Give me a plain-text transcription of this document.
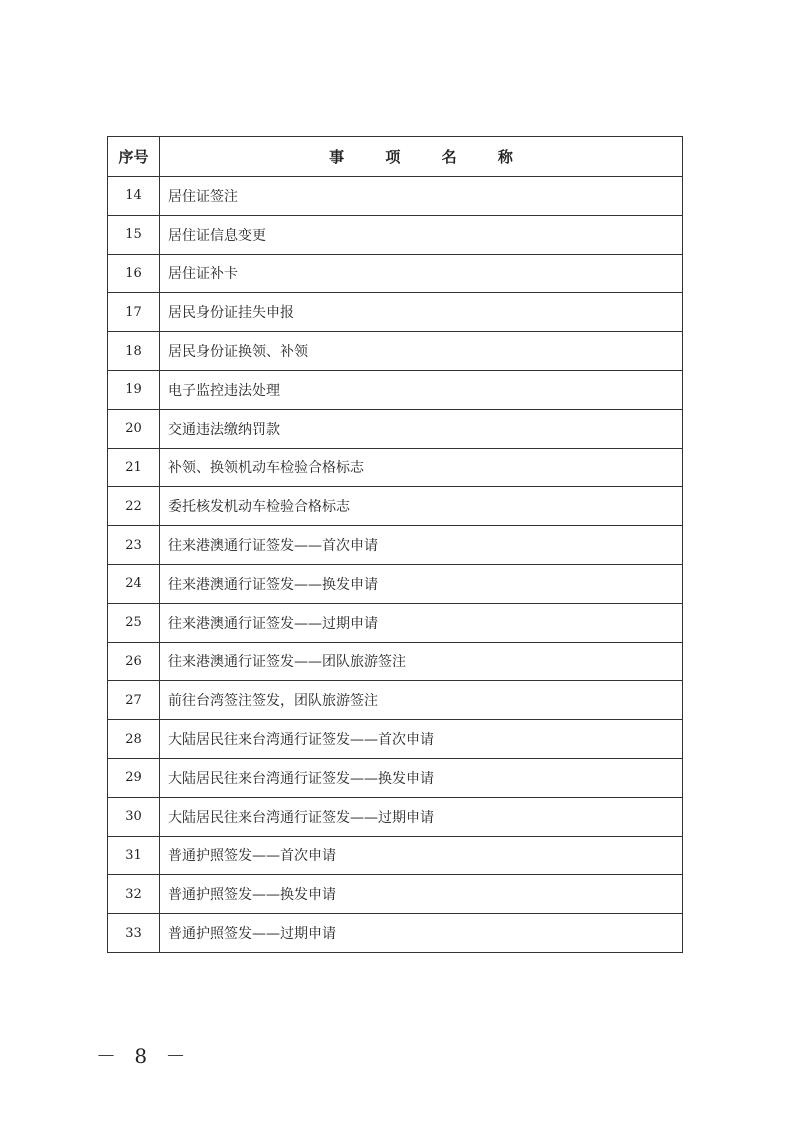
序号	事 项 名 称
14	居住证签注
15	居住证信息变更
16	居住证补卡
17	居民身份证挂失申报
18	居民身份证换领、补领
19	电子监控违法处理
20	交通违法缴纳罚款
21	补领、换领机动车检验合格标志
22	委托核发机动车检验合格标志
23	往来港澳通行证签发——首次申请
24	往来港澳通行证签发——换发申请
25	往来港澳通行证签发——过期申请
26	往来港澳通行证签发——团队旅游签注
27	前往台湾签注签发，团队旅游签注
28	大陆居民往来台湾通行证签发——首次申请
29	大陆居民往来台湾通行证签发——换发申请
30	大陆居民往来台湾通行证签发——过期申请
31	普通护照签发——首次申请
32	普通护照签发——换发申请
33	普通护照签发——过期申请
－ 8 －
